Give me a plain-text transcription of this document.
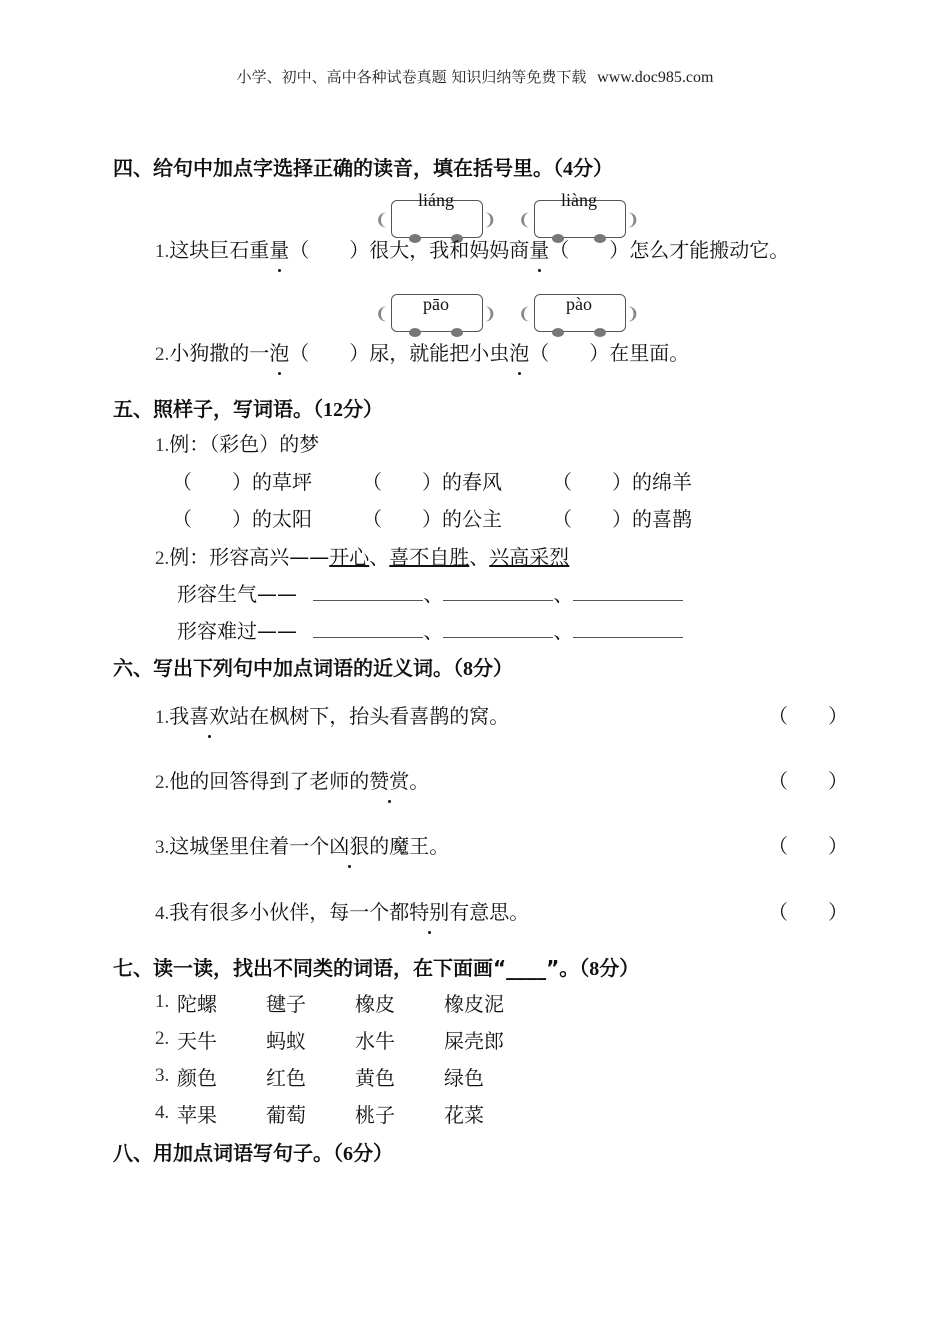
小学、初中、高中各种试卷真题 知识归纳等免费下载 www.doc985.com
四、给句中加点字选择正确的读音，填在括号里。（4分）
❨	❩
liáng
❨	❩
liàng
❨	❩
pāo	❨	❩
pào
1.这块巨石重量（　　）很大，我和妈妈商量（　　）怎么才能搬动它。
2.小狗撒的一泡（　　）尿，就能把小虫泡（　　）在里面。
五、照样子，写词语。（12分）
1.例：（彩色）的梦
（　　）的草坪	（　　）的春风	（　　）的绵羊
（　　）的太阳	（　　）的公主	（　　）的喜鹊
2.例：形容高兴——开心、喜不自胜、兴高采烈
形容生气——	、	、
形容难过——	、	、
六、写出下列句中加点词语的近义词。（8分）
1.我喜欢站在枫树下，抬头看喜鹊的窝。	（　　）
2.他的回答得到了老师的赞赏。	（　　）
3.这城堡里住着一个凶狠的魔王。	（　　）
4.我有很多小伙伴，每一个都特别有意思。	（　　）
七、读一读，找出不同类的词语，在下面画“____”。（8分）
1. 陀螺 毽子 橡皮 橡皮泥
2. 天牛 蚂蚁 水牛 屎壳郎
3. 颜色 红色 黄色 绿色
4. 苹果 葡萄 桃子 花菜
八、用加点词语写句子。（6分）
